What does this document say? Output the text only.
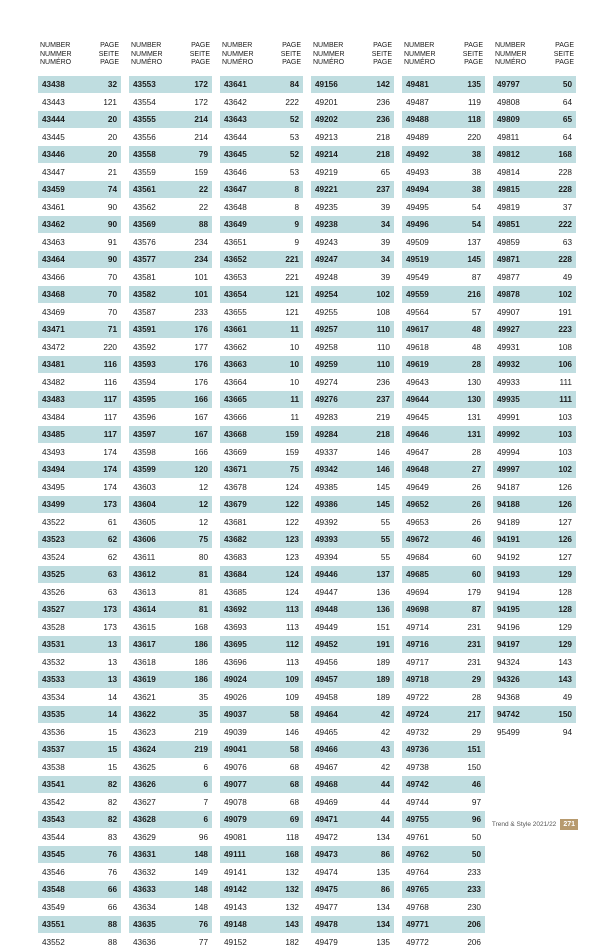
NUMBER
NUMMER
NUMÉRO
PAGE
SEITE
PAGE
43438	32
43443	121
43444	20
43445	20
43446	20
43447	21
43459	74
43461	90
43462	90
43463	91
43464	90
43466	70
43468	70
43469	70
43471	71
43472	220
43481	116
43482	116
43483	117
43484	117
43485	117
43493	174
43494	174
43495	174
43499	173
43522	61
43523	62
43524	62
43525	63
43526	63
43527	173
43528	173
43531	13
43532	13
43533	13
43534	14
43535	14
43536	15
43537	15
43538	15
43541	82
43542	82
43543	82
43544	83
43545	76
43546	76
43548	66
43549	66
43551	88
43552	88
NUMBER
NUMMER
NUMÉRO
PAGE
SEITE
PAGE
43553	172
43554	172
43555	214
43556	214
43558	79
43559	159
43561	22
43562	22
43569	88
43576	234
43577	234
43581	101
43582	101
43587	233
43591	176
43592	177
43593	176
43594	176
43595	166
43596	167
43597	167
43598	166
43599	120
43603	12
43604	12
43605	12
43606	75
43611	80
43612	81
43613	81
43614	81
43615	168
43617	186
43618	186
43619	186
43621	35
43622	35
43623	219
43624	219
43625	6
43626	6
43627	7
43628	6
43629	96
43631	148
43632	149
43633	148
43634	148
43635	76
43636	77
NUMBER
NUMMER
NUMÉRO
PAGE
SEITE
PAGE
43641	84
43642	222
43643	52
43644	53
43645	52
43646	53
43647	8
43648	8
43649	9
43651	9
43652	221
43653	221
43654	121
43655	121
43661	11
43662	10
43663	10
43664	10
43665	11
43666	11
43668	159
43669	159
43671	75
43678	124
43679	122
43681	122
43682	123
43683	123
43684	124
43685	124
43692	113
43693	113
43695	112
43696	113
49024	109
49026	109
49037	58
49039	146
49041	58
49076	68
49077	68
49078	68
49079	69
49081	118
49111	168
49141	132
49142	132
49143	132
49148	143
49152	182
NUMBER
NUMMER
NUMÉRO
PAGE
SEITE
PAGE
49156	142
49201	236
49202	236
49213	218
49214	218
49219	65
49221	237
49235	39
49238	34
49243	39
49247	34
49248	39
49254	102
49255	108
49257	110
49258	110
49259	110
49274	236
49276	237
49283	219
49284	218
49337	146
49342	146
49385	145
49386	145
49392	55
49393	55
49394	55
49446	137
49447	136
49448	136
49449	151
49452	191
49456	189
49457	189
49458	189
49464	42
49465	42
49466	43
49467	42
49468	44
49469	44
49471	44
49472	134
49473	86
49474	135
49475	86
49477	134
49478	134
49479	135
NUMBER
NUMMER
NUMÉRO
PAGE
SEITE
PAGE
49481	135
49487	119
49488	118
49489	220
49492	38
49493	38
49494	38
49495	54
49496	54
49509	137
49519	145
49549	87
49559	216
49564	57
49617	48
49618	48
49619	28
49643	130
49644	130
49645	131
49646	131
49647	28
49648	27
49649	26
49652	26
49653	26
49672	46
49684	60
49685	60
49694	179
49698	87
49714	231
49716	231
49717	231
49718	29
49722	28
49724	217
49732	29
49736	151
49738	150
49742	46
49744	97
49755	96
49761	50
49762	50
49764	233
49765	233
49768	230
49771	206
49772	206
NUMBER
NUMMER
NUMÉRO
PAGE
SEITE
PAGE
49797	50
49808	64
49809	65
49811	64
49812	168
49814	228
49815	228
49819	37
49851	222
49859	63
49871	228
49877	49
49878	102
49907	191
49927	223
49931	108
49932	106
49933	111
49935	111
49991	103
49992	103
49994	103
49997	102
94187	126
94188	126
94189	127
94191	126
94192	127
94193	129
94194	128
94195	128
94196	129
94197	129
94324	143
94326	143
94368	49
94742	150
95499	94
Trend & Style 2021/22	271
